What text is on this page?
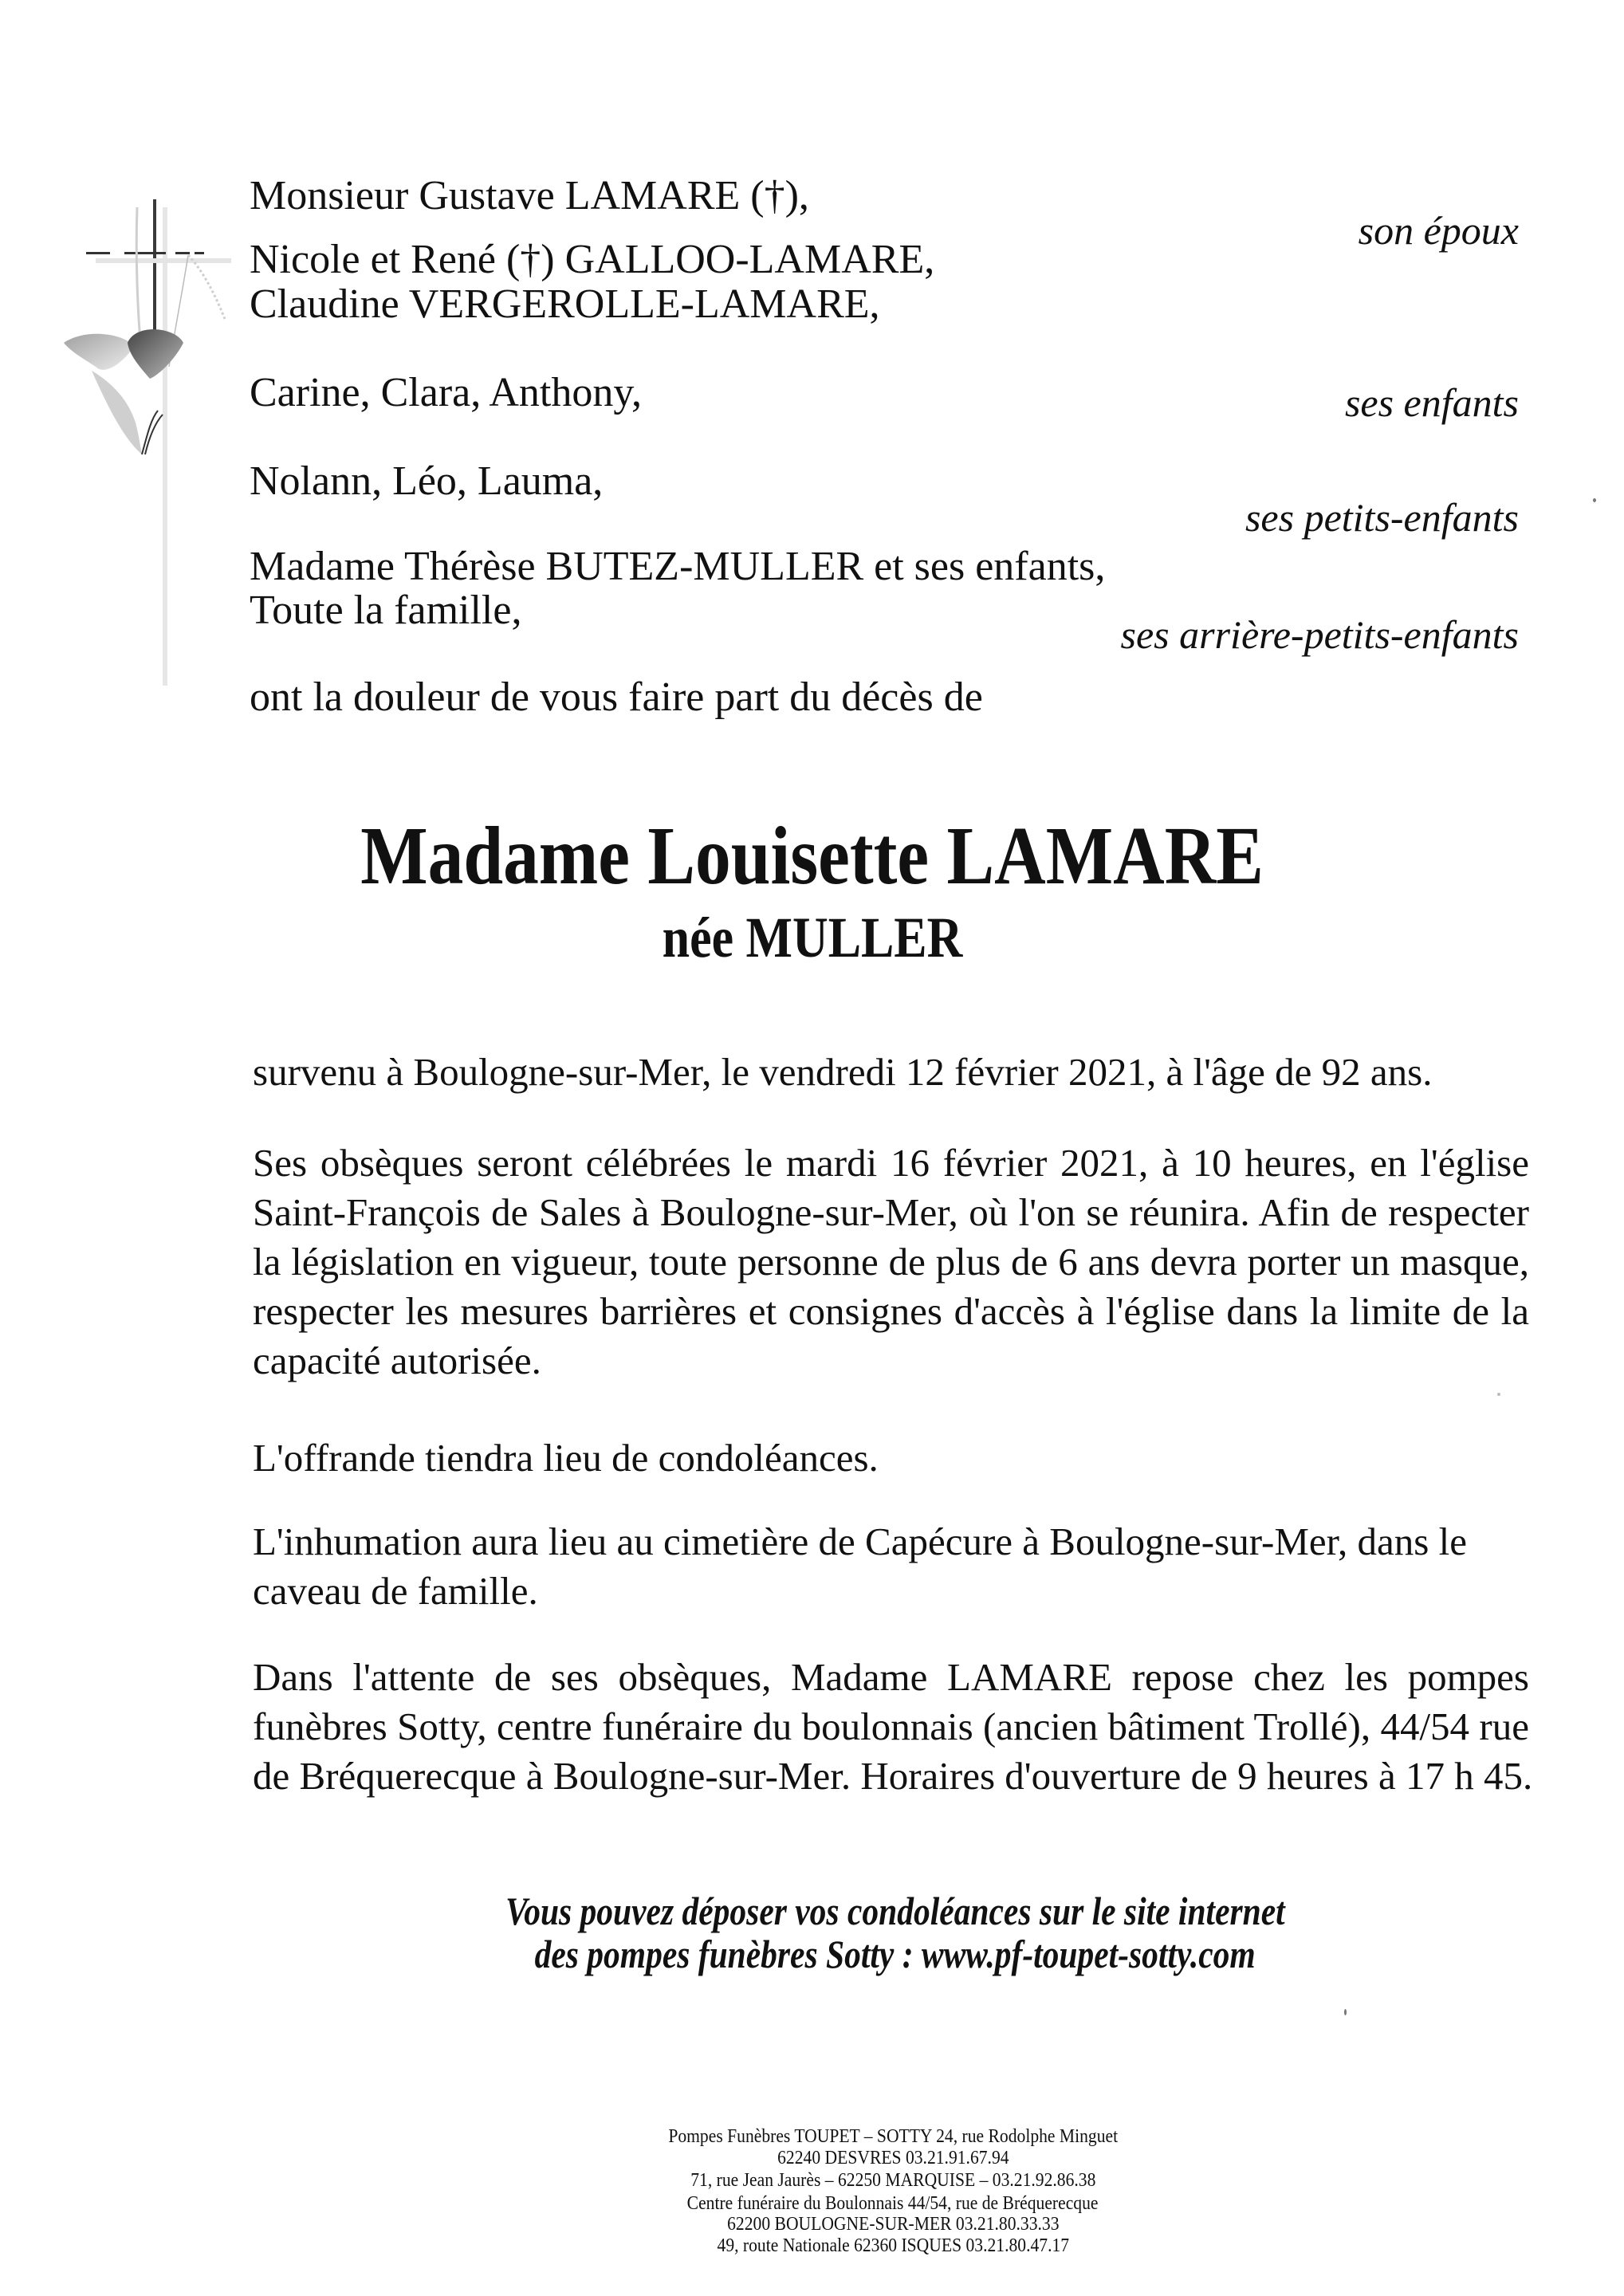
Monsieur Gustave LAMARE (†),
Nicole et René (†) GALLOO-LAMARE,
Claudine VERGEROLLE-LAMARE,
Carine, Clara, Anthony,
Nolann, Léo, Lauma,
Madame Thérèse BUTEZ-MULLER et ses enfants,
Toute la famille,
son époux
ses enfants
ses petits-enfants
ses arrière-petits-enfants
ont la douleur de vous faire part du décès de
Madame Louisette LAMARE
née MULLER
survenu à Boulogne-sur-Mer, le vendredi 12 février 2021, à l'âge de 92 ans.
Ses obsèques seront célébrées le mardi 16 février 2021, à 10 heures, en l'église
Saint-François de Sales à Boulogne-sur-Mer, où l'on se réunira. Afin de respecter
la législation en vigueur, toute personne de plus de 6 ans devra porter un masque,
respecter les mesures barrières et consignes d'accès à l'église dans la limite de la
capacité autorisée.
L'offrande tiendra lieu de condoléances.
L'inhumation aura lieu au cimetière de Capécure à Boulogne-sur-Mer, dans le
caveau de famille.
Dans l'attente de ses obsèques, Madame LAMARE repose chez les pompes
funèbres Sotty, centre funéraire du boulonnais (ancien bâtiment Trollé), 44/54 rue
de Bréquerecque à Boulogne-sur-Mer. Horaires d'ouverture de 9 heures à 17 h 45.
Vous pouvez déposer vos condoléances sur le site internet
des pompes funèbres Sotty : www.pf-toupet-sotty.com
Pompes Funèbres TOUPET – SOTTY 24, rue Rodolphe Minguet
62240 DESVRES 03.21.91.67.94
71, rue Jean Jaurès – 62250 MARQUISE – 03.21.92.86.38
Centre funéraire du Boulonnais 44/54, rue de Bréquerecque
62200 BOULOGNE-SUR-MER 03.21.80.33.33
49, route Nationale 62360 ISQUES 03.21.80.47.17
